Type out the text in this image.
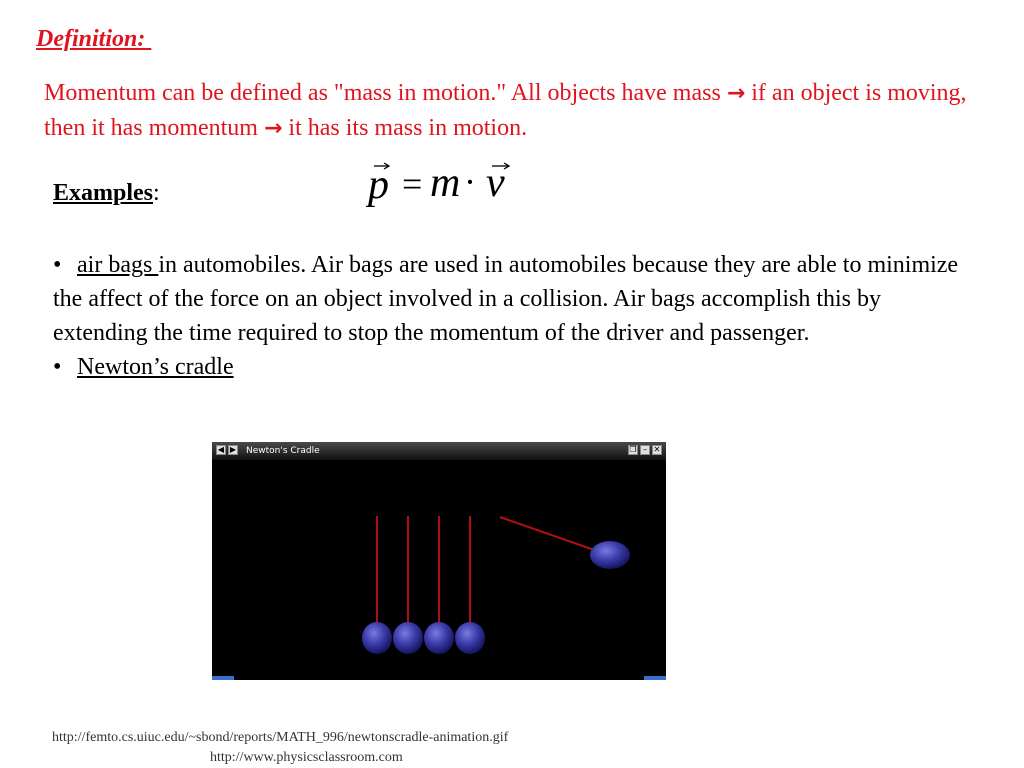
Definition:
Momentum can be defined as "mass in motion." All objects have mass → if an object is moving, then it has momentum → it has its mass in motion.
p = m · v
Examples:
• air bags in automobiles. Air bags are used in automobiles because they are able to minimize the affect of the force on an object involved in a collision. Air bags accomplish this by extending the time required to stop the momentum of the driver and passenger.
• Newton’s cradle
◀ ▶ Newton's Cradle	❐ – ✕
http://femto.cs.uiuc.edu/~sbond/reports/MATH_996/newtonscradle-animation.gif
http://www.physicsclassroom.com
